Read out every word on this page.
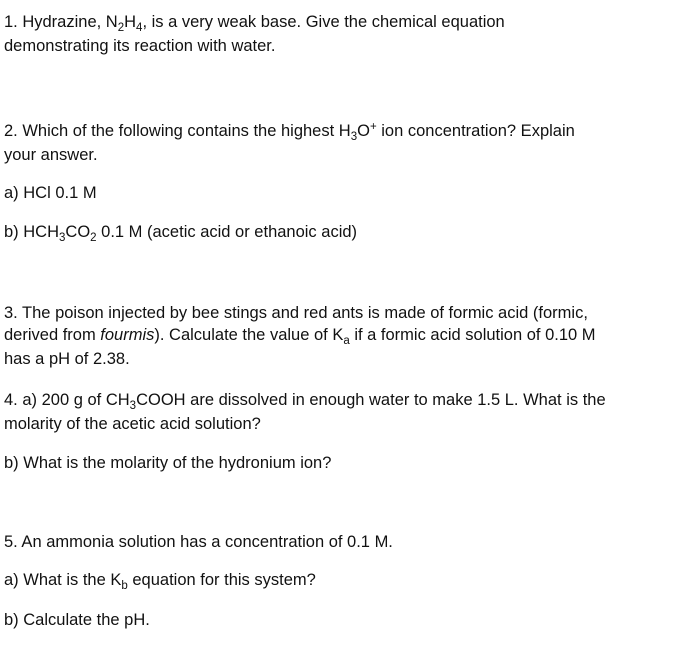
1. Hydrazine, $N_2H_4$, is a very weak base. Give the chemical equation
demonstrating its reaction with water.
2. Which of the following contains the highest $H_3O^+$ ion concentration? Explain
your answer.
a) HCl 0.1 M
b) $HCH_3CO_2$ 0.1 M (acetic acid or ethanoic acid)
3. The poison injected by bee stings and red ants is made of formic acid (formic,
derived from fourmis). Calculate the value of $K_a$ if a formic acid solution of 0.10 M
has a pH of 2.38.
4. a) 200 g of $CH_3COOH$ are dissolved in enough water to make 1.5 L. What is the
molarity of the acetic acid solution?
b) What is the molarity of the hydronium ion?
5. An ammonia solution has a concentration of 0.1 M.
a) What is the $K_b$ equation for this system?
b) Calculate the pH.
